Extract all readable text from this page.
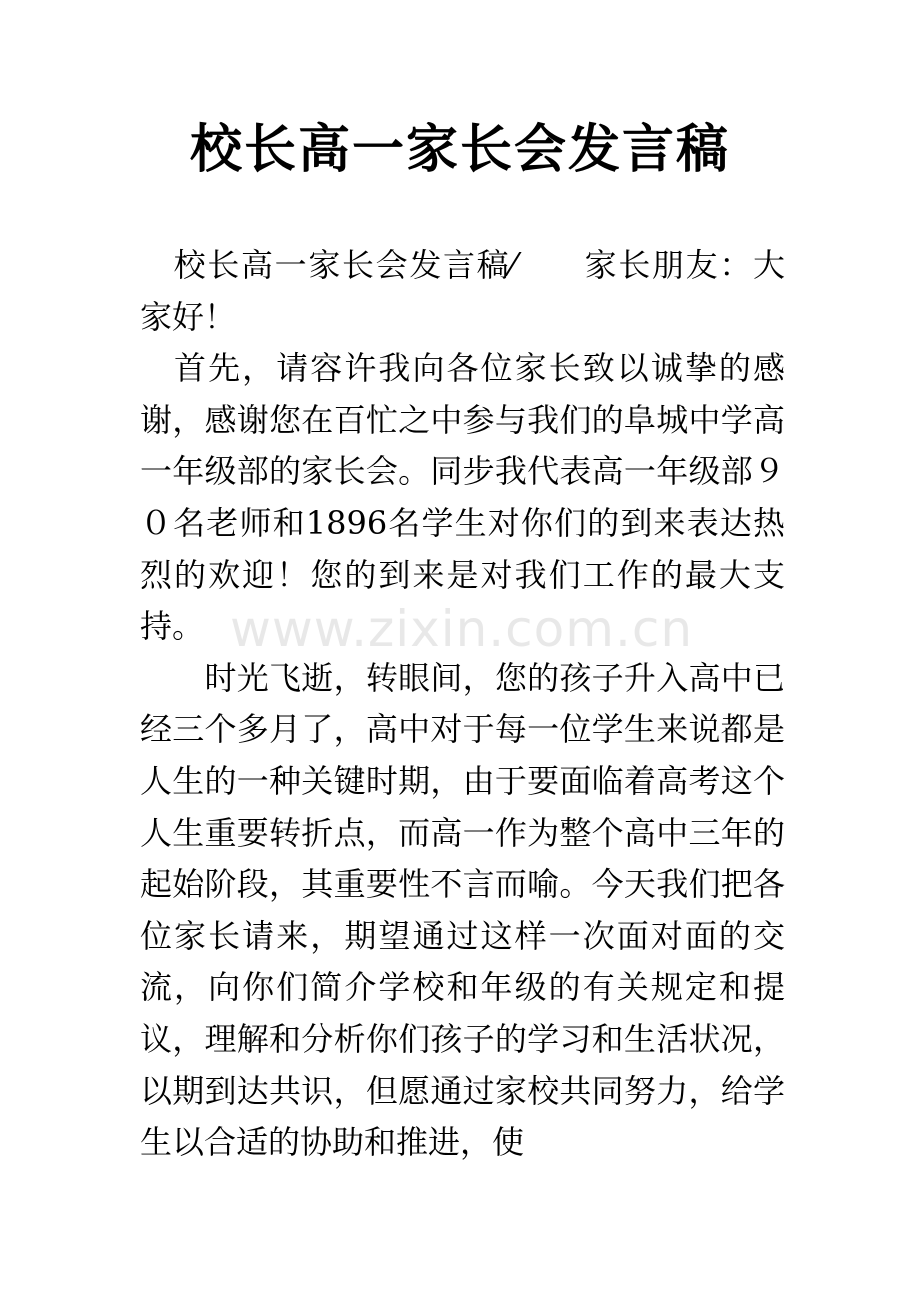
校长高一家长会发言稿

　校长高一家长会发言稿⁄　　家长朋友：大家好！

　首先，请容许我向各位家长致以诚挚的感谢，感谢您在百忙之中参与我们的阜城中学高一年级部的家长会。同步我代表高一年级部９０名老师和1896名学生对你们的到来表达热烈的欢迎！您的到来是对我们工作的最大支持。

　　时光飞逝，转眼间，您的孩子升入高中已经三个多月了，高中对于每一位学生来说都是人生的一种关键时期，由于要面临着高考这个人生重要转折点，而高一作为整个高中三年的起始阶段，其重要性不言而喻。今天我们把各位家长请来，期望通过这样一次面对面的交流，向你们简介学校和年级的有关规定和提议，理解和分析你们孩子的学习和生活状况，以期到达共识，但愿通过家校共同努力，给学生以合适的协助和推进，使

www.zixin.com.cn
